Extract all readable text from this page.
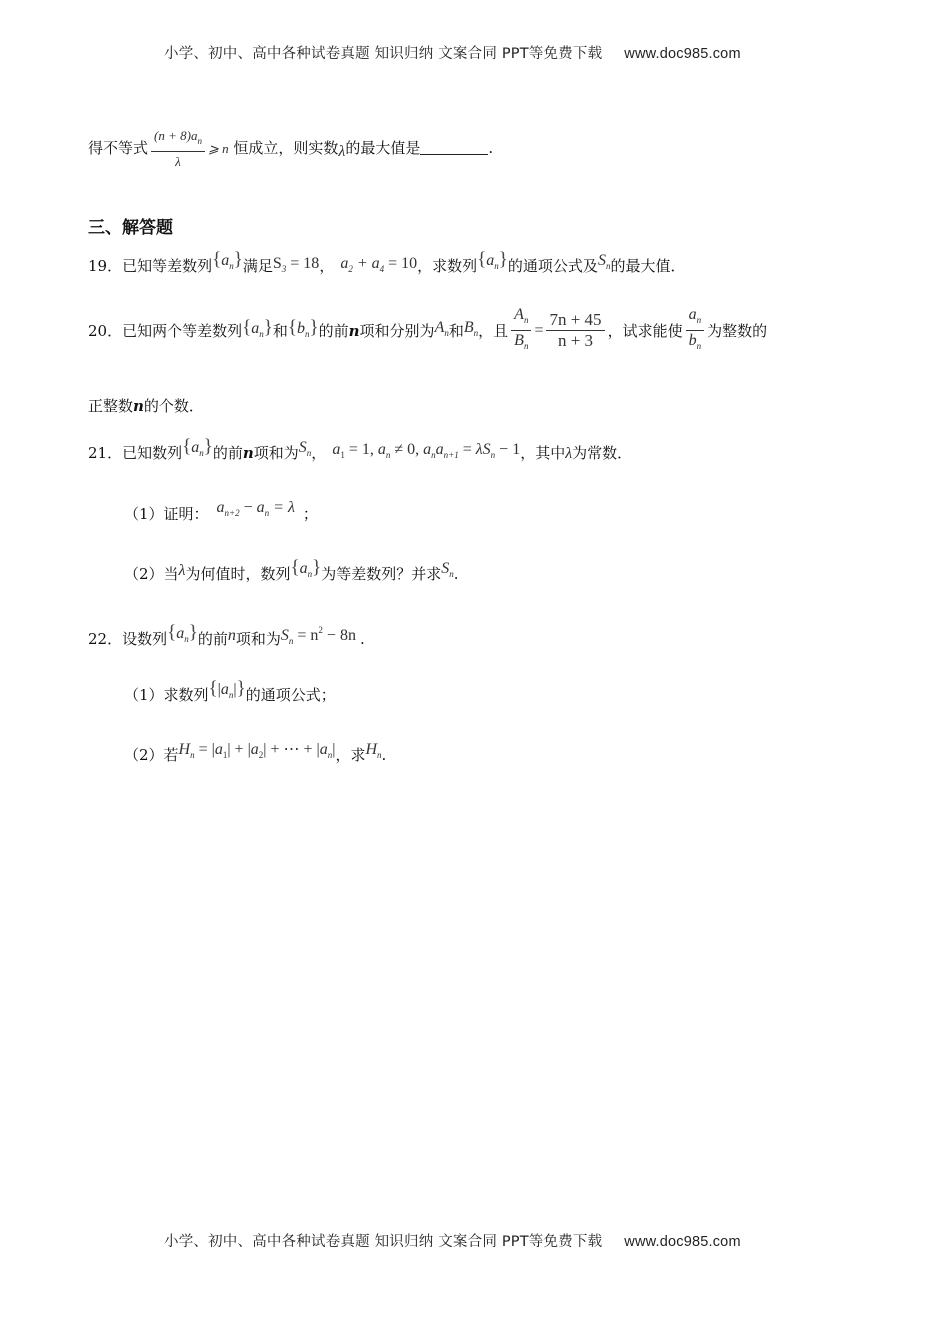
小学、初中、高中各种试卷真题 知识归纳 文案合同 PPT等免费下载 www.doc985.com
得不等式 $\frac{(n + 8)a_n}{\lambda}$ ⩾ n 恒成立，则实数λ的最大值是	.
三、解答题
19．已知等差数列$\{a_n\}$满足$S_3 = 18$， $a_2 + a_4 = 10$，求数列$\{a_n\}$的通项公式及$S_n$的最大值．
20．已知两个等差数列$\{a_n\}$和$\{b_n\}$的前n项和分别为$A_n$和$B_n$，且 $\frac{A_n}{B_n} = \frac{7n + 45}{n + 3}$ ，试求能使 $\frac{a_n}{b_n}$ 为整数的
正整数n的个数．
21．已知数列$\{a_n\}$的前n项和为$S_n$， $a_1 = 1$, $a_n \ne 0$, $a_na_{n+1} = \lambda S_n - 1$，其中λ为常数．
（1）证明： $a_{n+2} - a_n = \lambda$ ；
（2）当λ为何值时，数列$\{a_n\}$为等差数列？并求$S_n$.
22．设数列$\{a_n\}$的前n项和为$S_n = n^2 - 8n$ .
（1）求数列$\{|a_n|\}$的通项公式；
（2）若$H_n = |a_1| + |a_2|$ + ⋯ + $|a_n|$，求$H_n$.
小学、初中、高中各种试卷真题 知识归纳 文案合同 PPT等免费下载 www.doc985.com
